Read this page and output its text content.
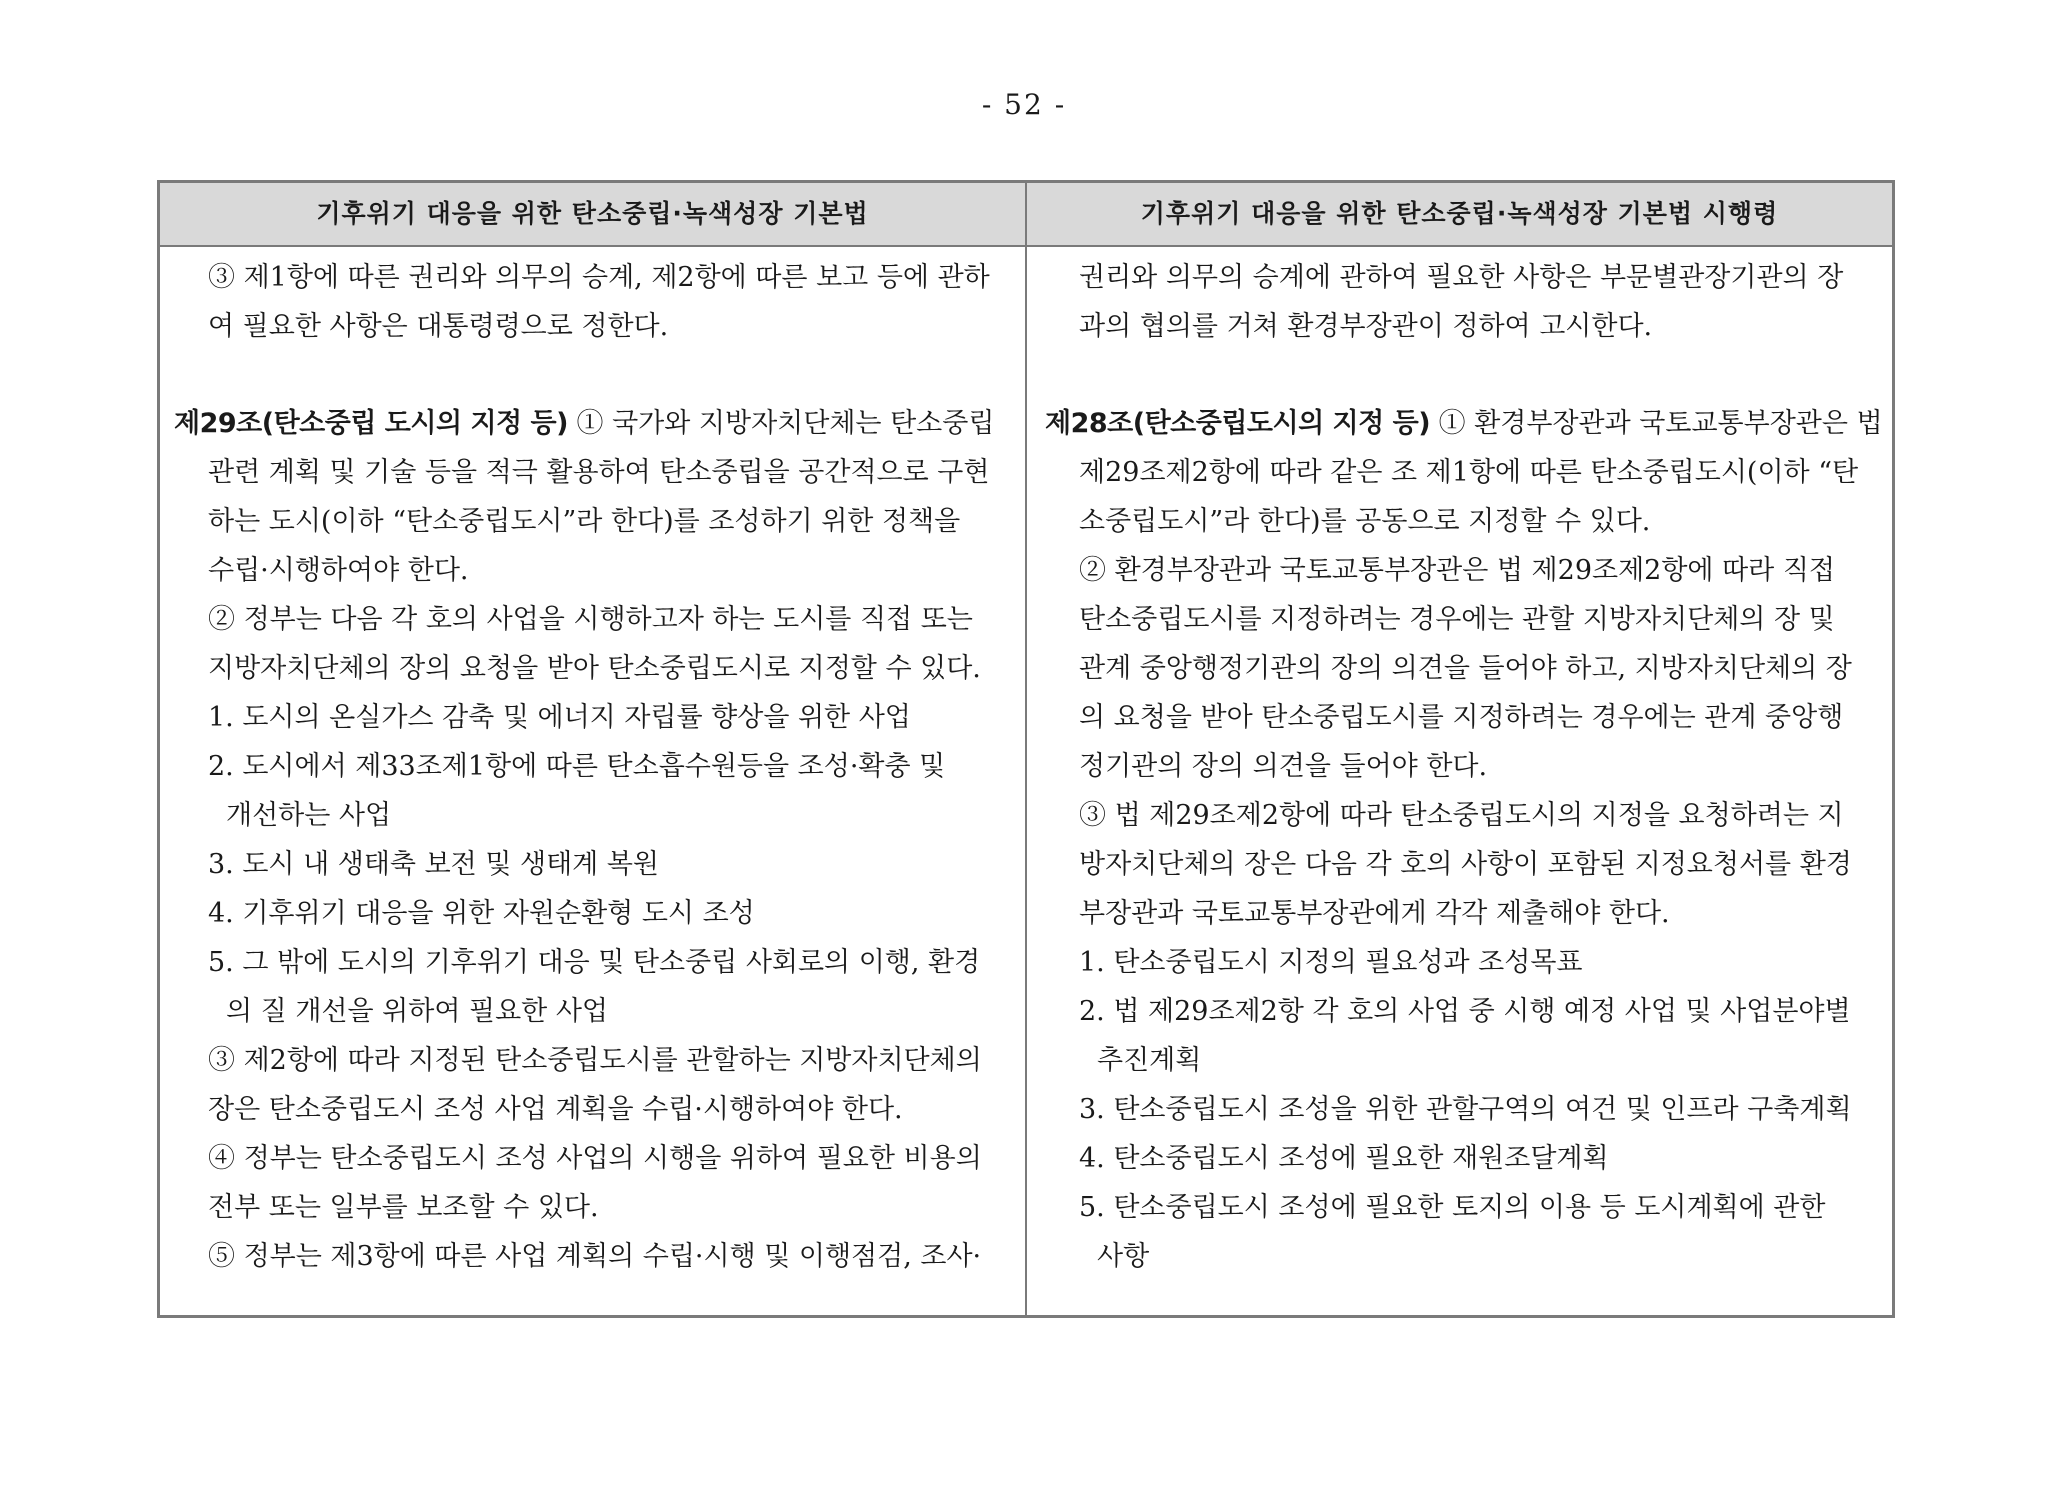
- 52 -
기후위기 대응을 위한 탄소중립·녹색성장 기본법	기후위기 대응을 위한 탄소중립·녹색성장 기본법 시행령
③ 제1항에 따른 권리와 의무의 승계, 제2항에 따른 보고 등에 관하
여 필요한 사항은 대통령령으로 정한다.
제29조(탄소중립 도시의 지정 등) ① 국가와 지방자치단체는 탄소중립
관련 계획 및 기술 등을 적극 활용하여 탄소중립을 공간적으로 구현
하는 도시(이하 “탄소중립도시”라 한다)를 조성하기 위한 정책을
수립·시행하여야 한다.
② 정부는 다음 각 호의 사업을 시행하고자 하는 도시를 직접 또는
지방자치단체의 장의 요청을 받아 탄소중립도시로 지정할 수 있다.
1. 도시의 온실가스 감축 및 에너지 자립률 향상을 위한 사업
2. 도시에서 제33조제1항에 따른 탄소흡수원등을 조성·확충 및
개선하는 사업
3. 도시 내 생태축 보전 및 생태계 복원
4. 기후위기 대응을 위한 자원순환형 도시 조성
5. 그 밖에 도시의 기후위기 대응 및 탄소중립 사회로의 이행, 환경
의 질 개선을 위하여 필요한 사업
③ 제2항에 따라 지정된 탄소중립도시를 관할하는 지방자치단체의
장은 탄소중립도시 조성 사업 계획을 수립·시행하여야 한다.
④ 정부는 탄소중립도시 조성 사업의 시행을 위하여 필요한 비용의
전부 또는 일부를 보조할 수 있다.
⑤ 정부는 제3항에 따른 사업 계획의 수립·시행 및 이행점검, 조사·
권리와 의무의 승계에 관하여 필요한 사항은 부문별관장기관의 장
과의 협의를 거쳐 환경부장관이 정하여 고시한다.
제28조(탄소중립도시의 지정 등) ① 환경부장관과 국토교통부장관은 법
제29조제2항에 따라 같은 조 제1항에 따른 탄소중립도시(이하 “탄
소중립도시”라 한다)를 공동으로 지정할 수 있다.
② 환경부장관과 국토교통부장관은 법 제29조제2항에 따라 직접
탄소중립도시를 지정하려는 경우에는 관할 지방자치단체의 장 및
관계 중앙행정기관의 장의 의견을 들어야 하고, 지방자치단체의 장
의 요청을 받아 탄소중립도시를 지정하려는 경우에는 관계 중앙행
정기관의 장의 의견을 들어야 한다.
③ 법 제29조제2항에 따라 탄소중립도시의 지정을 요청하려는 지
방자치단체의 장은 다음 각 호의 사항이 포함된 지정요청서를 환경
부장관과 국토교통부장관에게 각각 제출해야 한다.
1. 탄소중립도시 지정의 필요성과 조성목표
2. 법 제29조제2항 각 호의 사업 중 시행 예정 사업 및 사업분야별
추진계획
3. 탄소중립도시 조성을 위한 관할구역의 여건 및 인프라 구축계획
4. 탄소중립도시 조성에 필요한 재원조달계획
5. 탄소중립도시 조성에 필요한 토지의 이용 등 도시계획에 관한
사항
